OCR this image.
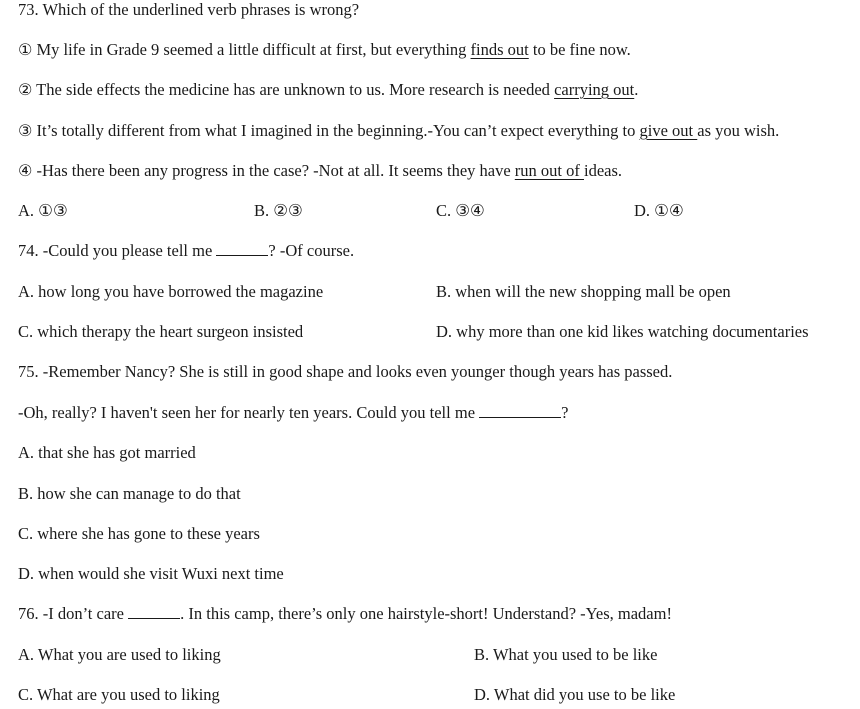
73. Which of the underlined verb phrases is wrong?
① My life in Grade 9 seemed a little difficult at first, but everything finds out to be fine now.
② The side effects the medicine has are unknown to us. More research is needed carrying out.
③ It’s totally different from what I imagined in the beginning.-You can’t expect everything to give out as you wish.
④ -Has there been any progress in the case? -Not at all. It seems they have run out of ideas.
A. ①③	B. ②③	C. ③④	D. ①④
74. -Could you please tell me	? -Of course.
A. how long you have borrowed the magazine	B. when will the new shopping mall be open
C. which therapy the heart surgeon insisted	D. why more than one kid likes watching documentaries
75. -Remember Nancy? She is still in good shape and looks even younger though years has passed.
-Oh, really? I haven't seen her for nearly ten years. Could you tell me	?
A. that she has got married
B. how she can manage to do that
C. where she has gone to these years
D. when would she visit Wuxi next time
76. -I don’t care	. In this camp, there’s only one hairstyle-short! Understand? -Yes, madam!
A. What you are used to liking	B. What you used to be like
C. What are you used to liking	D. What did you use to be like
